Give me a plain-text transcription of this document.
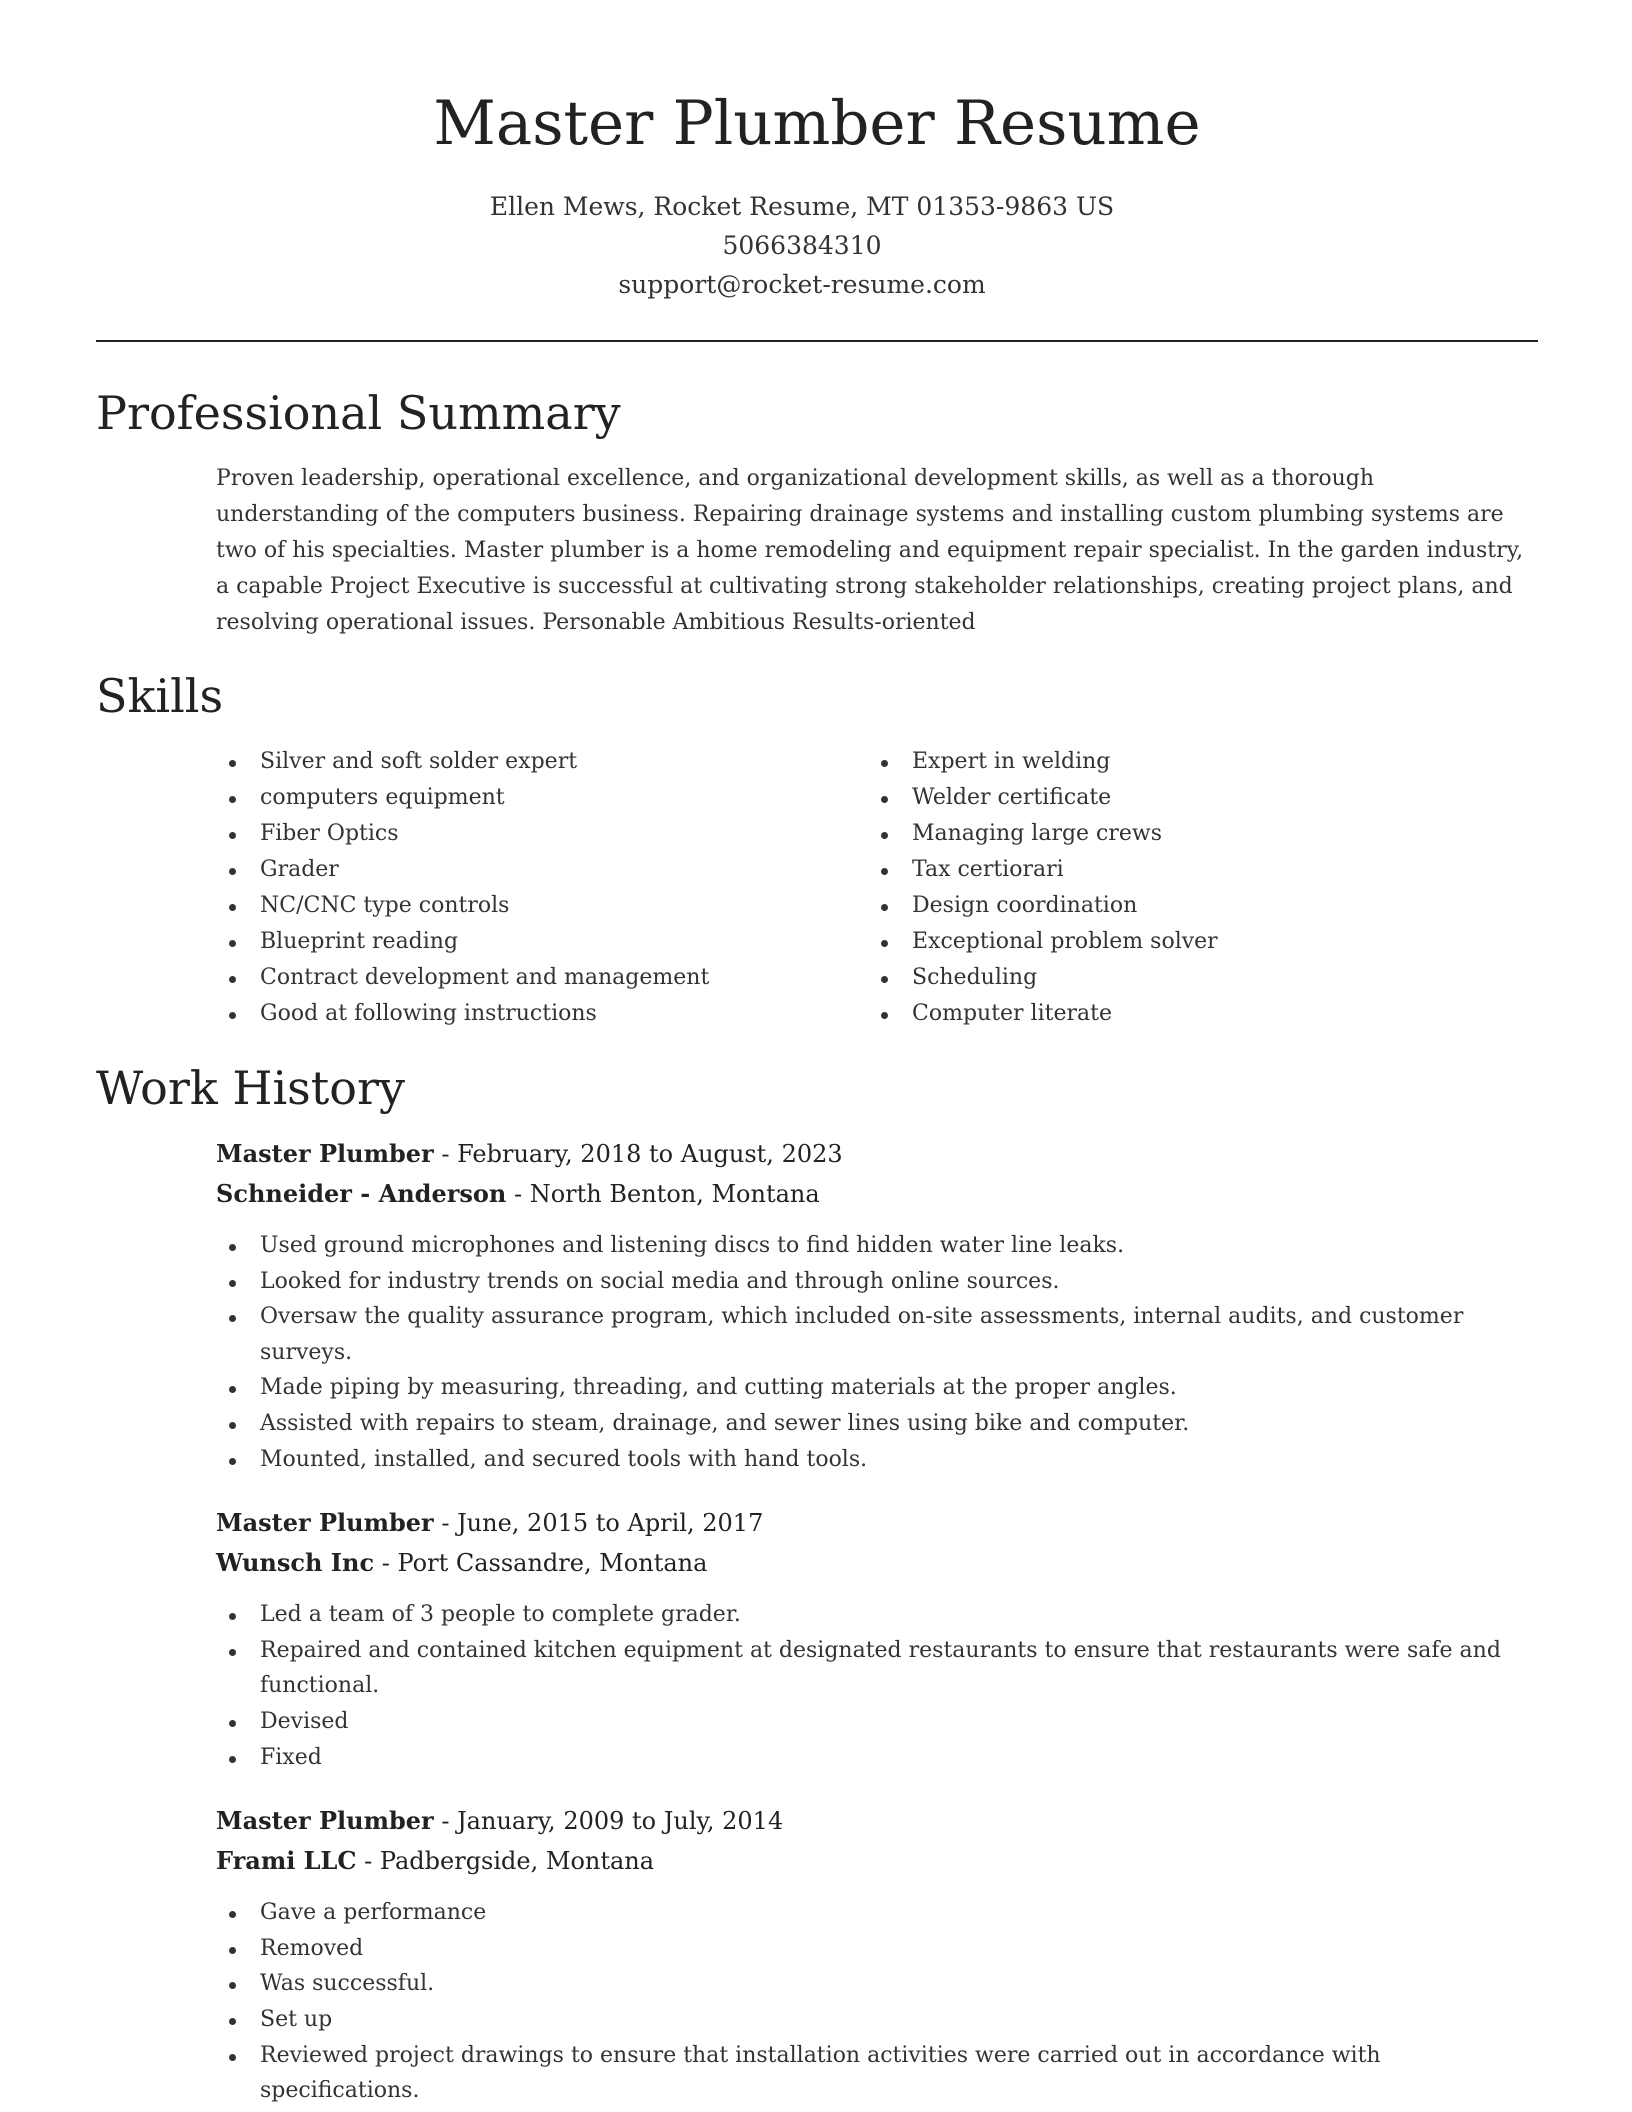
Master Plumber Resume
Ellen Mews, Rocket Resume, MT 01353-9863 US
5066384310
support@rocket-resume.com
Professional Summary

Proven leadership, operational excellence, and organizational development skills, as well as a thorough understanding of the computers business. Repairing drainage systems and installing custom plumbing systems are two of his specialties. Master plumber is a home remodeling and equipment repair specialist. In the garden industry, a capable Project Executive is successful at cultivating strong stakeholder relationships, creating project plans, and resolving operational issues. Personable Ambitious Results-oriented

Skills
Silver and soft solder expert
computers equipment
Fiber Optics
Grader
NC/CNC type controls
Blueprint reading
Contract development and management
Good at following instructions
Expert in welding
Welder certificate
Managing large crews
Tax certiorari
Design coordination
Exceptional problem solver
Scheduling
Computer literate
Work History
Master Plumber - February, 2018 to August, 2023
Schneider - Anderson - North Benton, Montana
Used ground microphones and listening discs to find hidden water line leaks.
Looked for industry trends on social media and through online sources.
Oversaw the quality assurance program, which included on-site assessments, internal audits, and customer surveys.
Made piping by measuring, threading, and cutting materials at the proper angles.
Assisted with repairs to steam, drainage, and sewer lines using bike and computer.
Mounted, installed, and secured tools with hand tools.
Master Plumber - June, 2015 to April, 2017
Wunsch Inc - Port Cassandre, Montana
Led a team of 3 people to complete grader.
Repaired and contained kitchen equipment at designated restaurants to ensure that restaurants were safe and functional.
Devised
Fixed
Master Plumber - January, 2009 to July, 2014
Frami LLC - Padbergside, Montana
Gave a performance
Removed
Was successful.
Set up
Reviewed project drawings to ensure that installation activities were carried out in accordance with specifications.
